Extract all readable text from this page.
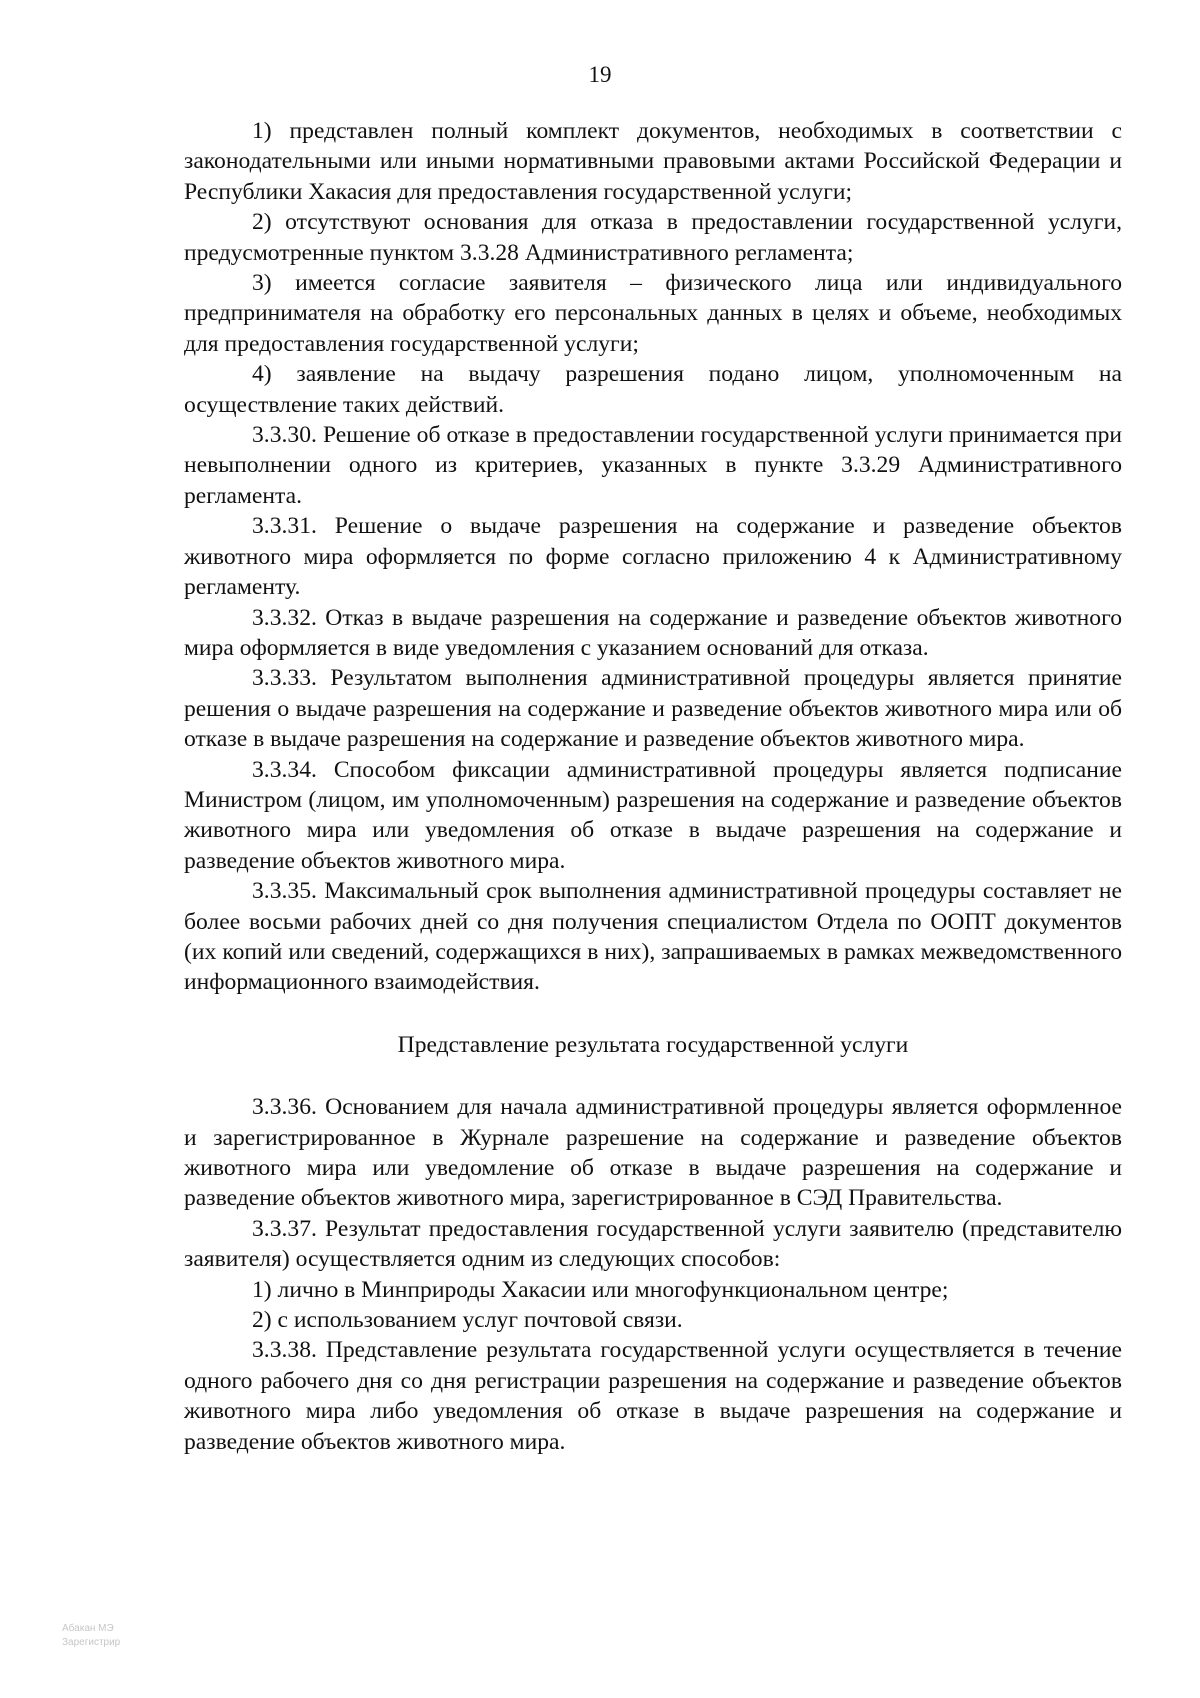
19

1) представлен полный комплект документов, необходимых в соответствии с законодательными или иными нормативными правовыми актами Российской Федерации и Республики Хакасия для предоставления государственной услуги;

2) отсутствуют основания для отказа в предоставлении государственной услуги, предусмотренные пунктом 3.3.28 Административного регламента;

3) имеется согласие заявителя – физического лица или индивидуального предпринимателя на обработку его персональных данных в целях и объеме, необходимых для предоставления государственной услуги;

4) заявление на выдачу разрешения подано лицом, уполномоченным на осуществление таких действий.

3.3.30. Решение об отказе в предоставлении государственной услуги принимается при невыполнении одного из критериев, указанных в пункте 3.3.29 Административного регламента.

3.3.31. Решение о выдаче разрешения на содержание и разведение объектов животного мира оформляется по форме согласно приложению 4 к Административному регламенту.

3.3.32. Отказ в выдаче разрешения на содержание и разведение объектов животного мира оформляется в виде уведомления с указанием оснований для отказа.

3.3.33. Результатом выполнения административной процедуры является принятие решения о выдаче разрешения на содержание и разведение объектов животного мира или об отказе в выдаче разрешения на содержание и разведение объектов животного мира.

3.3.34. Способом фиксации административной процедуры является подписание Министром (лицом, им уполномоченным) разрешения на содержание и разведение объектов животного мира или уведомления об отказе в выдаче разрешения на содержание и разведение объектов животного мира.

3.3.35. Максимальный срок выполнения административной процедуры составляет не более восьми рабочих дней со дня получения специалистом Отдела по ООПТ документов (их копий или сведений, содержащихся в них), запрашиваемых в рамках межведомственного информационного взаимодействия.

Представление результата государственной услуги

3.3.36. Основанием для начала административной процедуры является оформленное и зарегистрированное в Журнале разрешение на содержание и разведение объектов животного мира или уведомление об отказе в выдаче разрешения на содержание и разведение объектов животного мира, зарегистрированное в СЭД Правительства.

3.3.37. Результат предоставления государственной услуги заявителю (представителю заявителя) осуществляется одним из следующих способов:

1) лично в Минприроды Хакасии или многофункциональном центре;

2) с использованием услуг почтовой связи.

3.3.38. Представление результата государственной услуги осуществляется в течение одного рабочего дня со дня регистрации разрешения на содержание и разведение объектов животного мира либо уведомления об отказе в выдаче разрешения на содержание и разведение объектов животного мира.

Абакан МЭ
Зарегистрир
